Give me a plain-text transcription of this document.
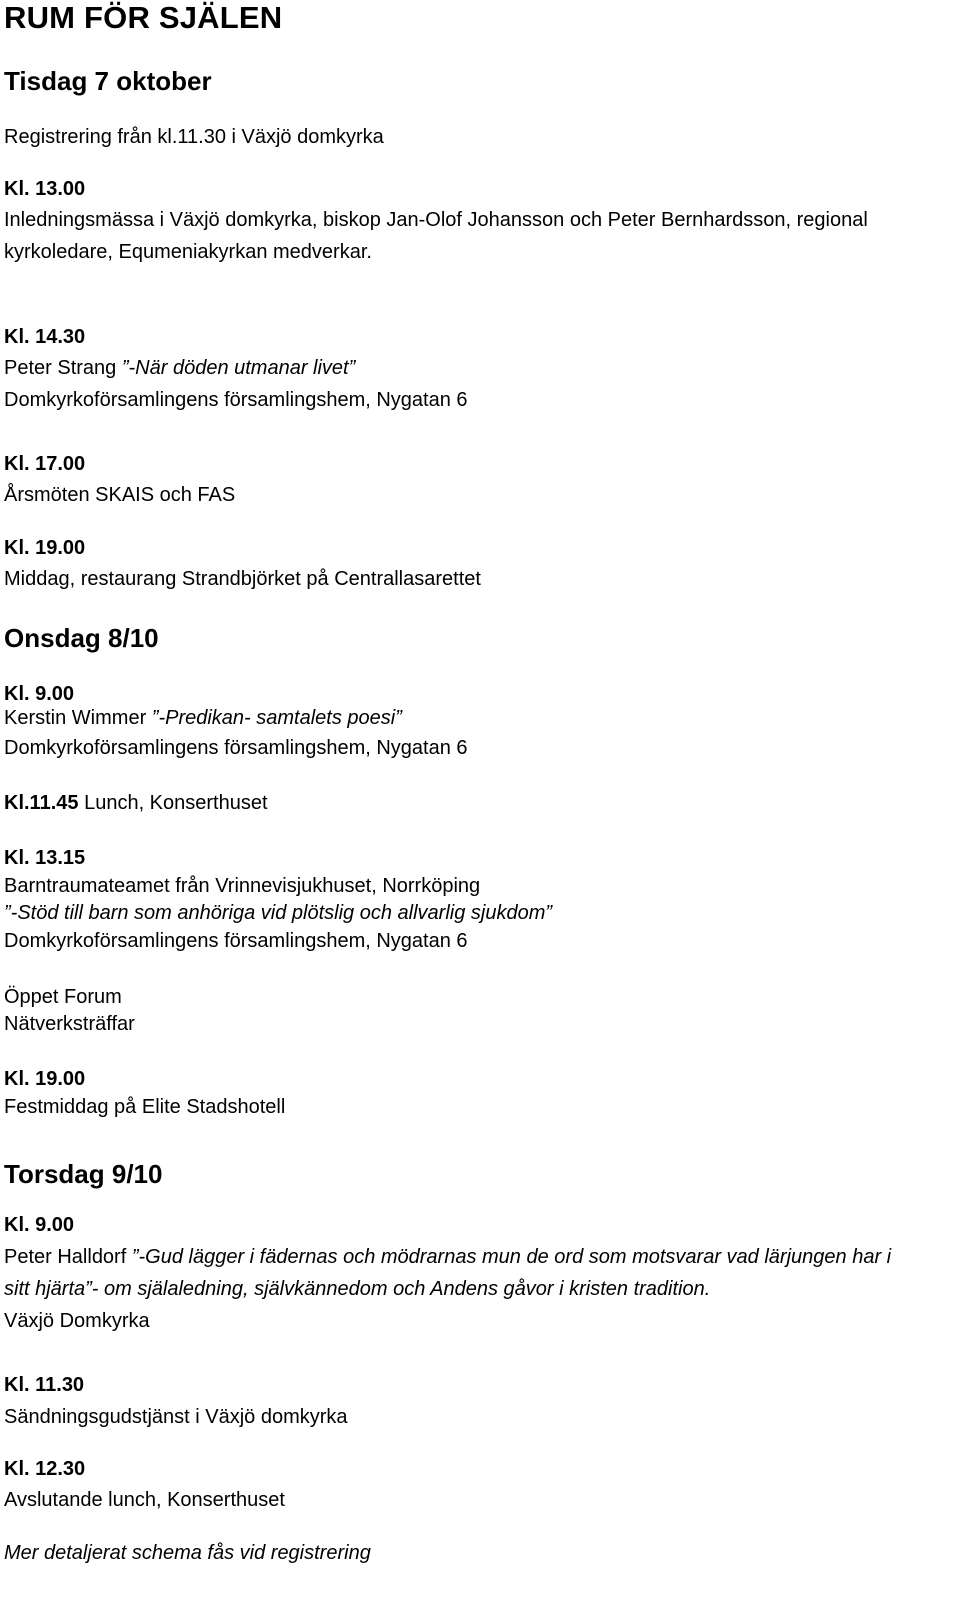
RUM FÖR SJÄLEN
Tisdag 7 oktober
Registrering från kl.11.30 i Växjö domkyrka
Kl. 13.00
Inledningsmässa i Växjö domkyrka, biskop Jan-Olof Johansson och Peter Bernhardsson, regional
kyrkoledare, Equmeniakyrkan medverkar.
Kl. 14.30
Peter Strang ”-När döden utmanar livet”
Domkyrkoförsamlingens församlingshem, Nygatan 6
Kl. 17.00
Årsmöten SKAIS och FAS
Kl. 19.00
Middag, restaurang Strandbjörket på Centrallasarettet
Onsdag 8/10
Kl. 9.00
Kerstin Wimmer ”-Predikan- samtalets poesi”
Domkyrkoförsamlingens församlingshem, Nygatan 6
Kl.11.45 Lunch, Konserthuset
Kl. 13.15
Barntraumateamet från Vrinnevisjukhuset, Norrköping
”-Stöd till barn som anhöriga vid plötslig och allvarlig sjukdom”
Domkyrkoförsamlingens församlingshem, Nygatan 6
Öppet Forum
Nätverksträffar
Kl. 19.00
Festmiddag på Elite Stadshotell
Torsdag 9/10
Kl. 9.00
Peter Halldorf ”-Gud lägger i fädernas och mödrarnas mun de ord som motsvarar vad lärjungen har i
sitt hjärta”- om själaledning, självkännedom och Andens gåvor i kristen tradition.
Växjö Domkyrka
Kl. 11.30
Sändningsgudstjänst i Växjö domkyrka
Kl. 12.30
Avslutande lunch, Konserthuset
Mer detaljerat schema fås vid registrering
